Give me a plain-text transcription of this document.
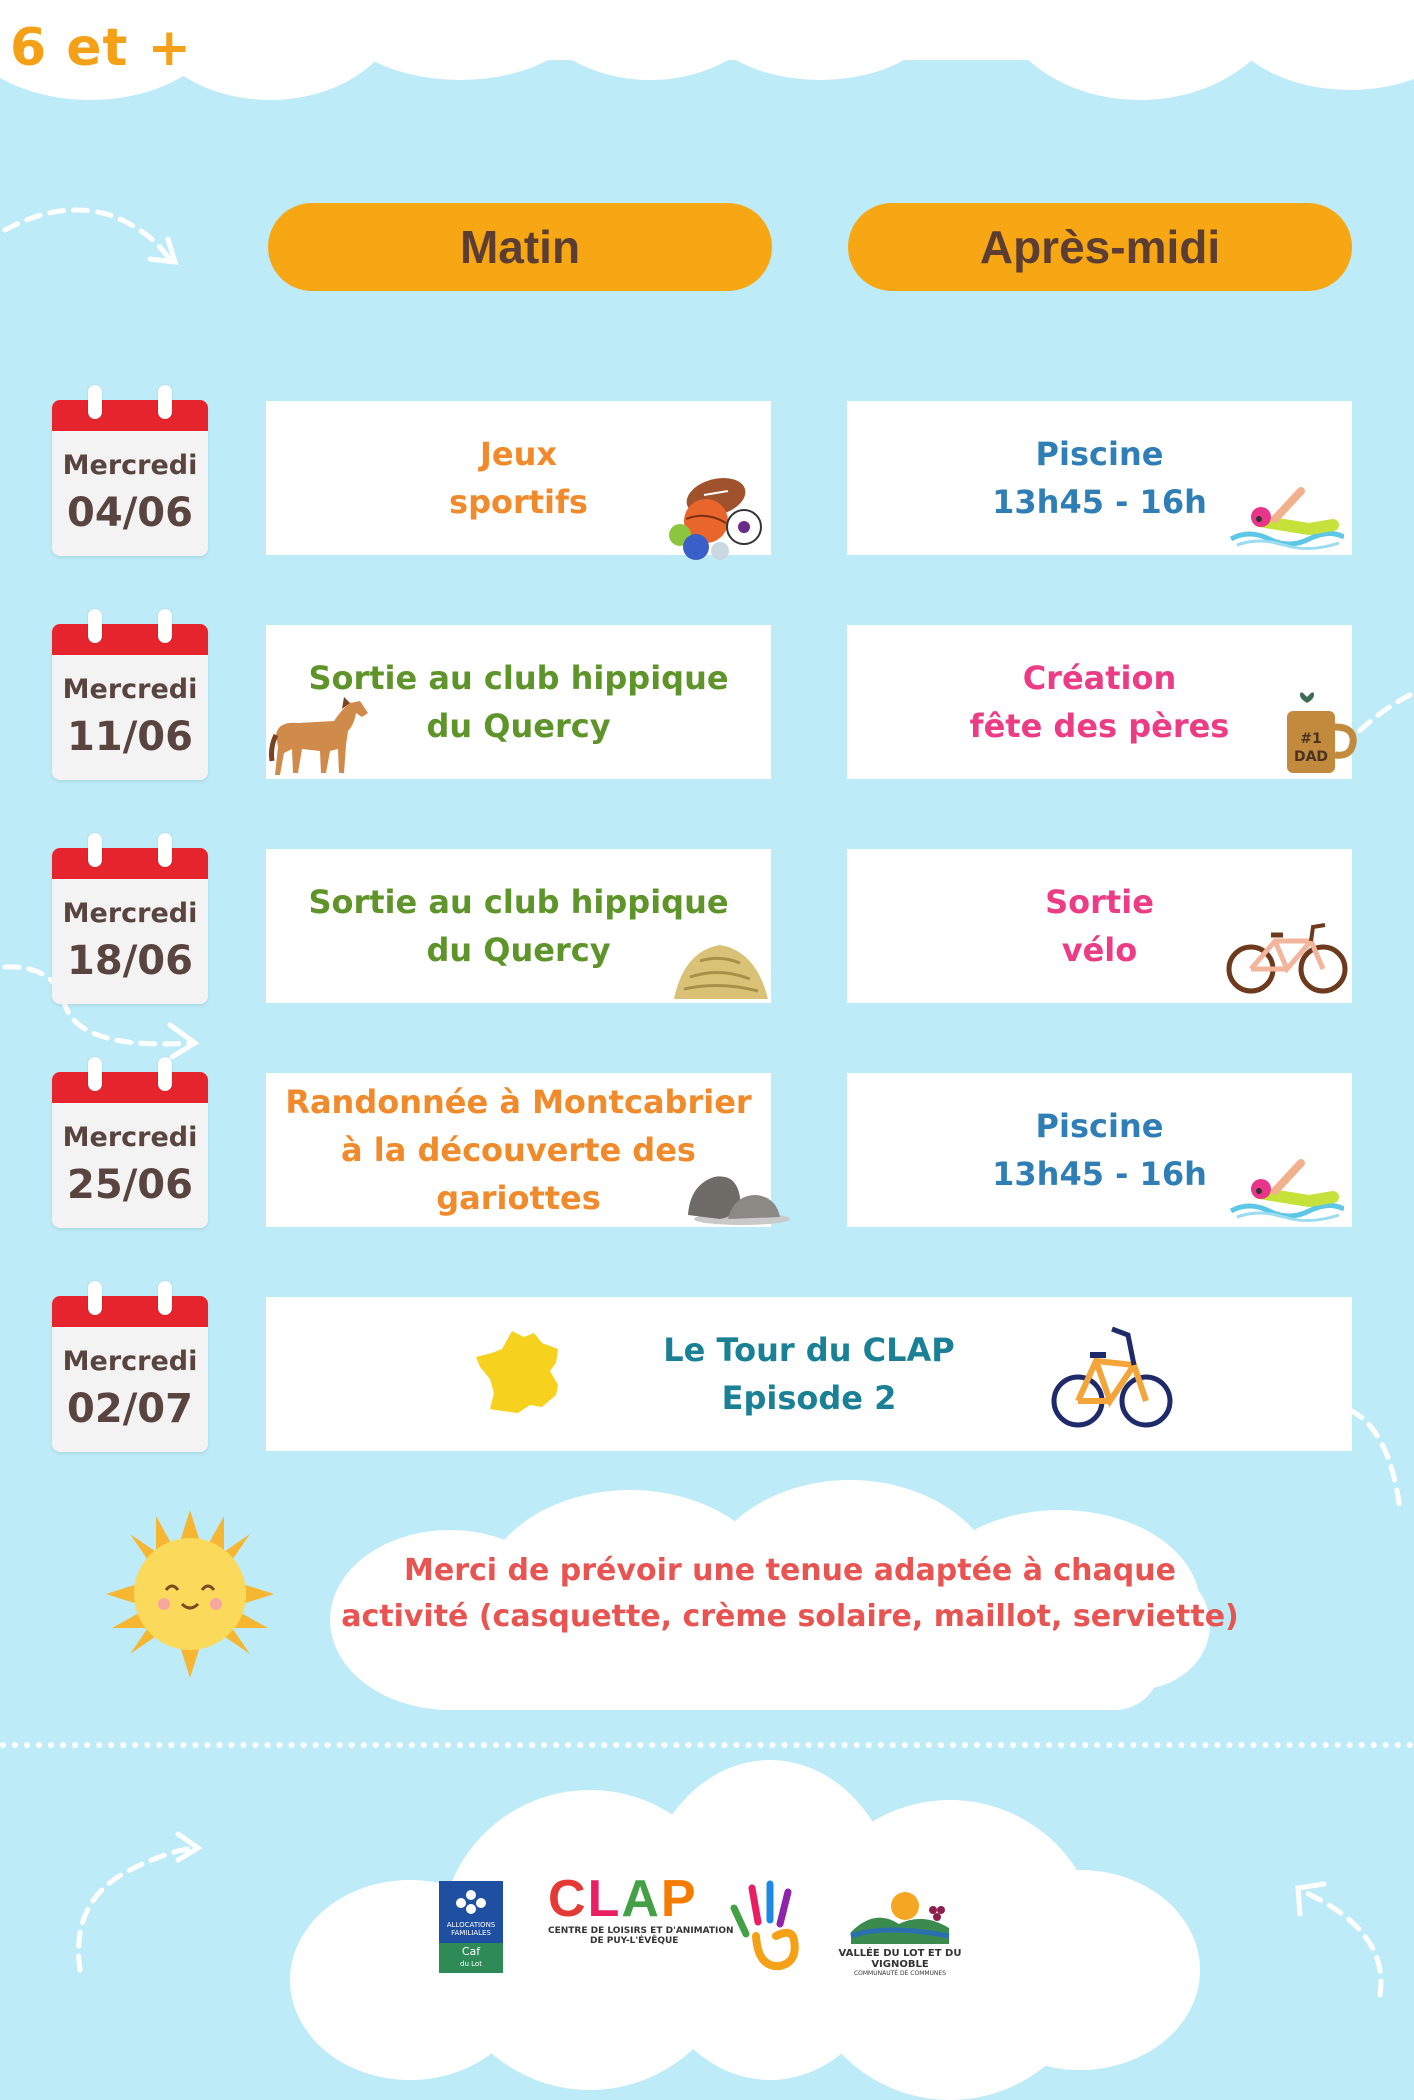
6 et +
Matin	Après-midi
Mercredi
04/06
Jeux
sportifs
Piscine
13h45 - 16h
Mercredi
11/06
Sortie au club hippique
du Quercy
Création
fête des pères	#1
DAD
Mercredi
18/06
Sortie au club hippique
du Quercy
Sortie
vélo
Mercredi
25/06
Randonnée à Montcabrier
à la découverte des
gariottes
Piscine
13h45 - 16h
Mercredi
02/07
Le Tour du CLAP
Episode 2
Merci de prévoir une tenue adaptée à chaque
activité (casquette, crème solaire, maillot, serviette)
ALLOCATIONS
FAMILIALES
Caf
du Lot
CLAP
CENTRE DE LOISIRS ET D'ANIMATION
DE PUY-L'ÉVÊQUE
VALLÉE DU LOT ET DU VIGNOBLE
COMMUNAUTÉ DE COMMUNES
